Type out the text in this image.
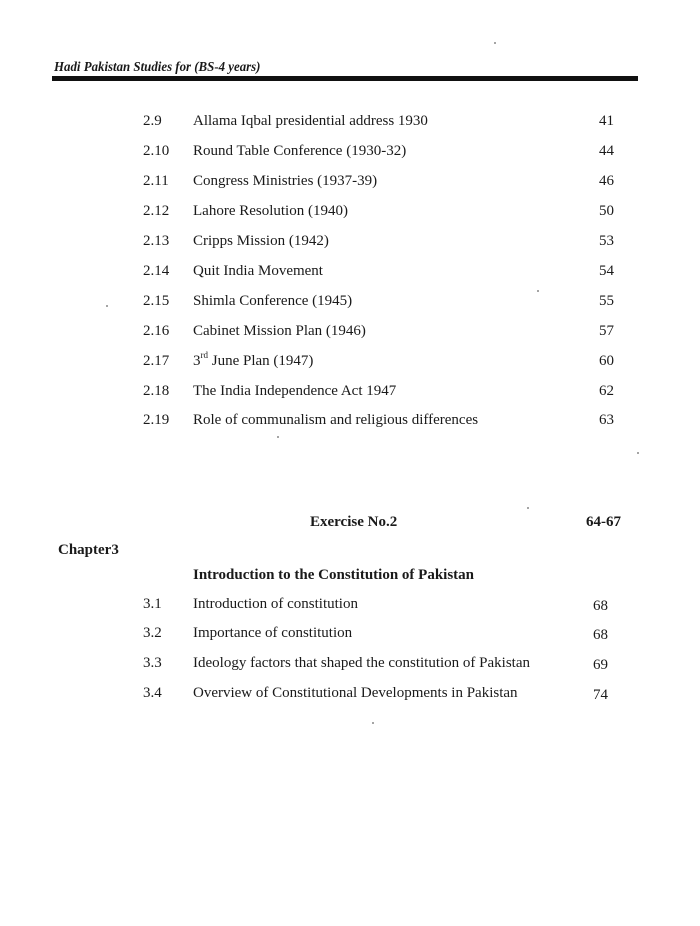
Hadi Pakistan Studies for (BS-4 years)
2.9 Allama Iqbal presidential address 1930	41
2.10 Round Table Conference (1930-32)	44
2.11 Congress Ministries (1937-39)	46
2.12 Lahore Resolution (1940)	50
2.13 Cripps Mission (1942)	53
2.14 Quit India Movement	54
2.15 Shimla Conference (1945)	55
2.16 Cabinet Mission Plan (1946)	57
2.17 3rd June Plan (1947)	60
2.18 The India Independence Act 1947	62
2.19 Role of communalism and religious differences	63
Exercise No.2	64-67
Chapter3
Introduction to the Constitution of Pakistan
3.1 Introduction of constitution	68
3.2 Importance of constitution	68
3.3 Ideology factors that shaped the constitution of Pakistan	69
3.4 Overview of Constitutional Developments in Pakistan	74
